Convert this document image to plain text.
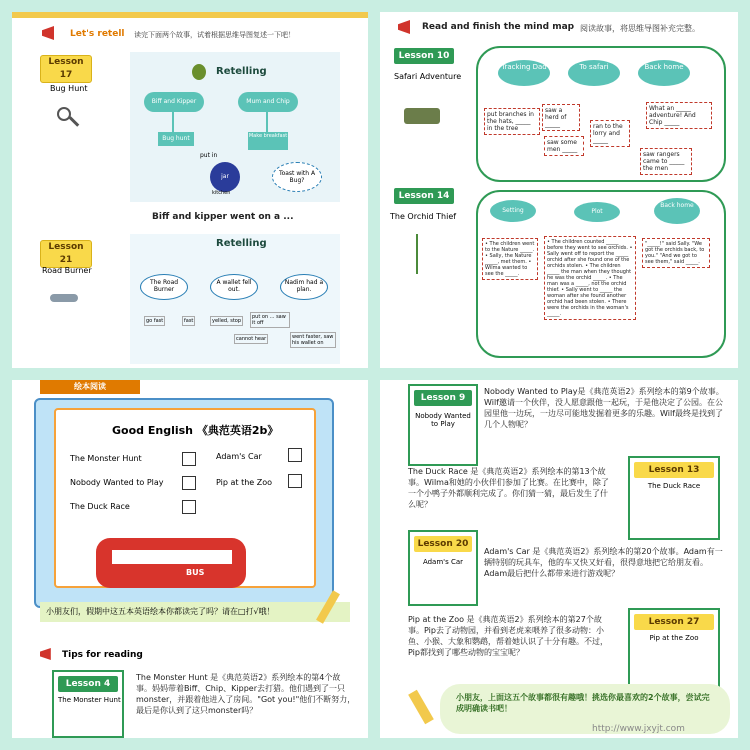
Let's retell 读完下面两个故事，试着根据思维导图复述一下吧！
Lesson 17
Bug Hunt
Retelling
Biff and Kipper	Mum and Chip
Bug hunt	Make breakfast
put in
jar
kitchen
Toast with A Bug?
Biff and kipper went on a ...
Lesson 21
Road Burner
Retelling
The Road Burner
A wallet fell out.
Nadim had a plan.
go fast	fast	yelled, stop
put on ... saw it off
cannot hear	went faster, saw his wallet on
Read and finish the mind map 阅读故事，将思维导图补充完整。
Lesson 10
Safari Adventure
Tracking Dad	To safari	Back home
put branches in the hats, _____ in the tree
saw a herd of _____
saw some men _____
ran to the lorry and _____
What an _____ adventure! And Chip _____
saw rangers came to _____ the men
Lesson 14
The Orchid Thief
Setting	Plot
Back home
• The children went to the Nature _____. • Sally, the Nature _____, met them. • Wilma wanted to see the _____.
• The children counted _____ before they went to see orchids. • Sally went off to report the _____ orchid after she found one of the orchids stolen. • The children _____ the man when they thought he was the orchid _____. • The man was a _____, not the orchid thief. • Sally went to _____ the woman after she found another orchid had been stolen. • There were the orchids in the woman's _____.
"_____!" said Sally. "We got the orchids back, to you." "And we got to see them," said _____.
绘本阅读
Good English 《典范英语2b》
The Monster Hunt
Nobody Wanted to Play
The Duck Race
Adam's Car
Pip at the Zoo
BUS
小朋友们，假期中这五本英语绘本你都读完了吗？请在□打√哦！
Tips for reading
Lesson 4
The Monster Hunt
The Monster Hunt 是《典范英语2》系列绘本的第4个故事。妈妈带着Biff、Chip、Kipper去打猎。他们遇到了一只monster，并跟着他进入了房间。"Got you!"他们不断努力，最后是你认到了这只monster吗？
Lesson 9
Nobody Wanted to Play
Nobody Wanted to Play是《典范英语2》系列绘本的第9个故事。Wilf邀请一个伙伴，没人愿意跟他一起玩，于是他决定了公园。在公园里他一边玩，一边尽可能地发掘着更多的乐趣。Wilf最终是找到了几个人物呢？
The Duck Race 是《典范英语2》系列绘本的第13个故事。Wilma和她的小伙伴们参加了比赛。在比赛中，除了一个小鸭子外都顺利完成了。你们猜一猜，最后发生了什么呢？
Lesson 13
The Duck Race
Lesson 20
Adam's Car
Adam's Car 是《典范英语2》系列绘本的第20个故事。Adam有一辆特别的玩具车，他的车又快又好看，很得意地把它给朋友看。Adam最后把什么都带来进行游戏呢？
Pip at the Zoo 是《典范英语2》系列绘本的第27个故事。Pip去了动物园，并看到老虎来喂养了很多动物：小鱼、小猴、大象和鹦鹉，帮着她认识了十分有趣。不过，Pip都找到了哪些动物的宝宝呢？
Lesson 27
Pip at the Zoo
小朋友，上面这五个故事都很有趣哦！挑选你最喜欢的2个故事，尝试完成明确读书吧！
http://www.jxyjt.com
